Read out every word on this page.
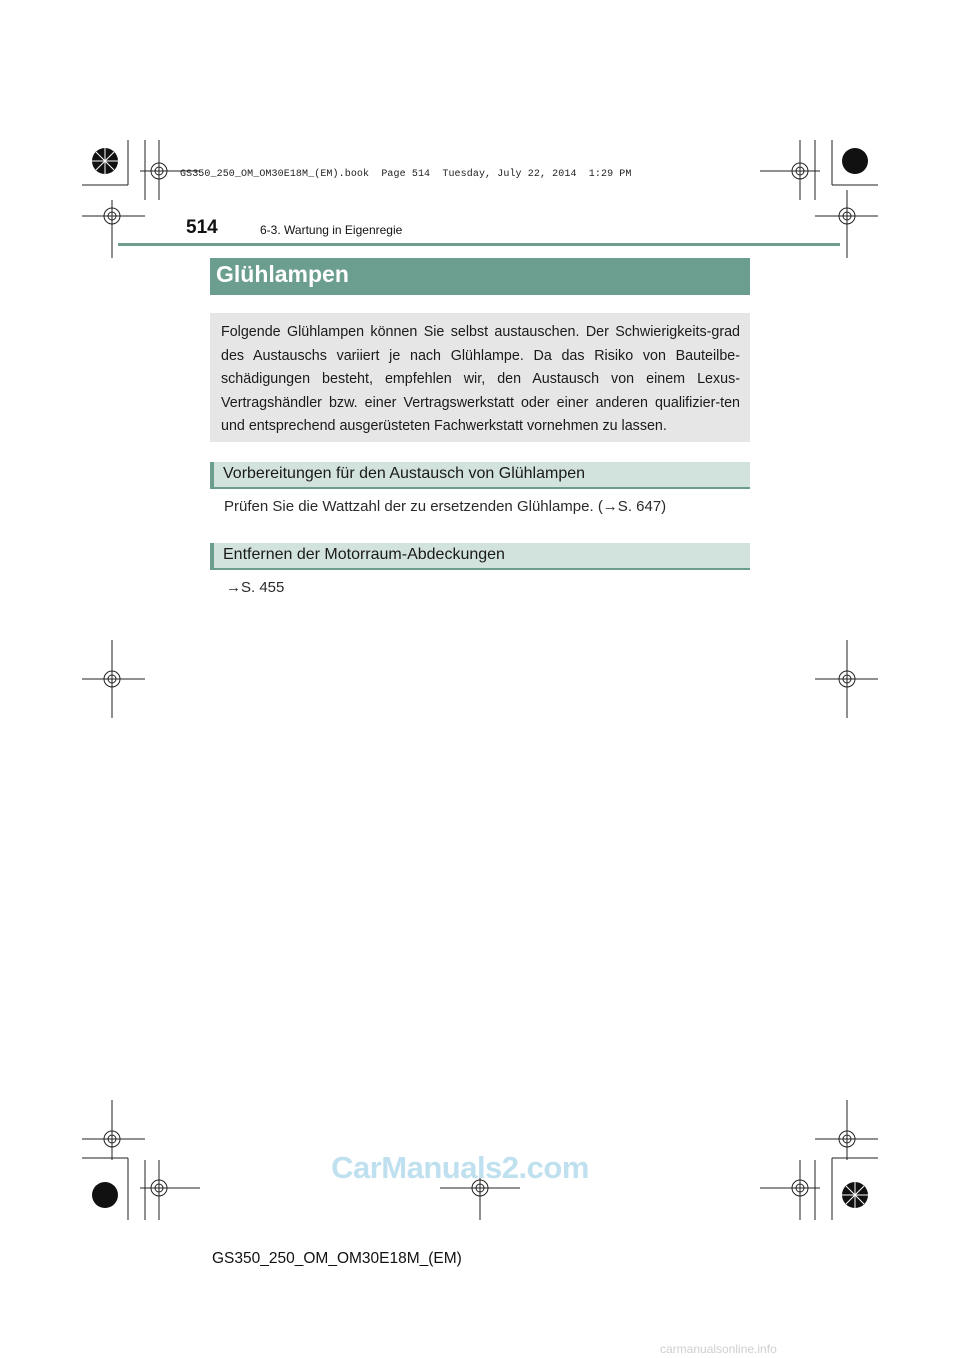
GS350_250_OM_OM30E18M_(EM).book  Page 514  Tuesday, July 22, 2014  1:29 PM
514	6-3. Wartung in Eigenregie
Glühlampen

Folgende Glühlampen können Sie selbst austauschen. Der Schwierigkeits-grad des Austauschs variiert je nach Glühlampe. Da das Risiko von Bauteilbe-schädigungen besteht, empfehlen wir, den Austausch von einem Lexus-Vertragshändler bzw. einer Vertragswerkstatt oder einer anderen qualifizier-ten und entsprechend ausgerüsteten Fachwerkstatt vornehmen zu lassen.

Vorbereitungen für den Austausch von Glühlampen
Prüfen Sie die Wattzahl der zu ersetzenden Glühlampe. (→S. 647)
Entfernen der Motorraum-Abdeckungen
→S. 455
CarManuals2.com
GS350_250_OM_OM30E18M_(EM)
carmanualsonline.info
